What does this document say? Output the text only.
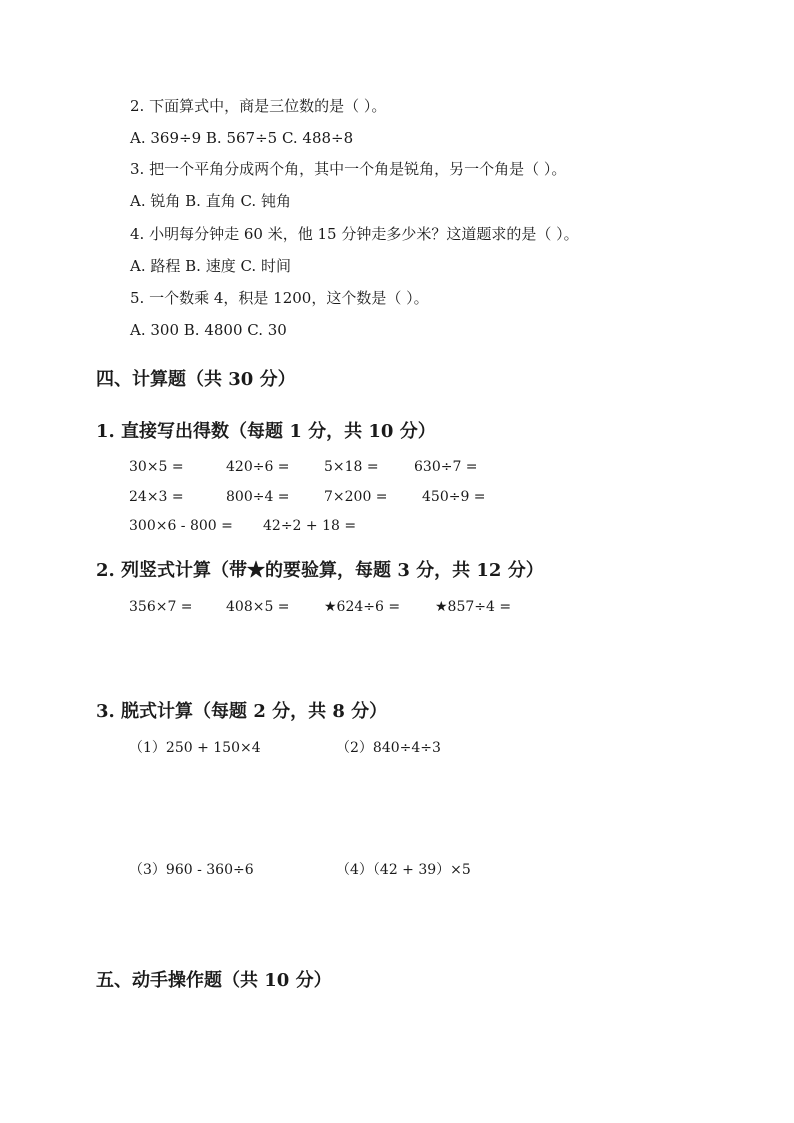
2. 下面算式中，商是三位数的是（ ）。
A. 369÷9 B. 567÷5 C. 488÷8
3. 把一个平角分成两个角，其中一个角是锐角，另一个角是（ ）。
A. 锐角 B. 直角 C. 钝角
4. 小明每分钟走 60 米，他 15 分钟走多少米？这道题求的是（ ）。
A. 路程 B. 速度 C. 时间
5. 一个数乘 4，积是 1200，这个数是（ ）。
A. 300 B. 4800 C. 30
四、计算题（共 30 分）
1. 直接写出得数（每题 1 分，共 10 分）
30×5 =	420÷6 = 5×18 =	630÷7 =
24×3 =	800÷4 = 7×200 = 450÷9 =
300×6 - 800 = 42÷2 + 18 =
2. 列竖式计算（带★的要验算，每题 3 分，共 12 分）
356×7 = 408×5 = ★624÷6 = ★857÷4 =
3. 脱式计算（每题 2 分，共 8 分）
（1）250 + 150×4	（2）840÷4÷3
（3）960 - 360÷6	（4）（42 + 39）×5
五、动手操作题（共 10 分）
